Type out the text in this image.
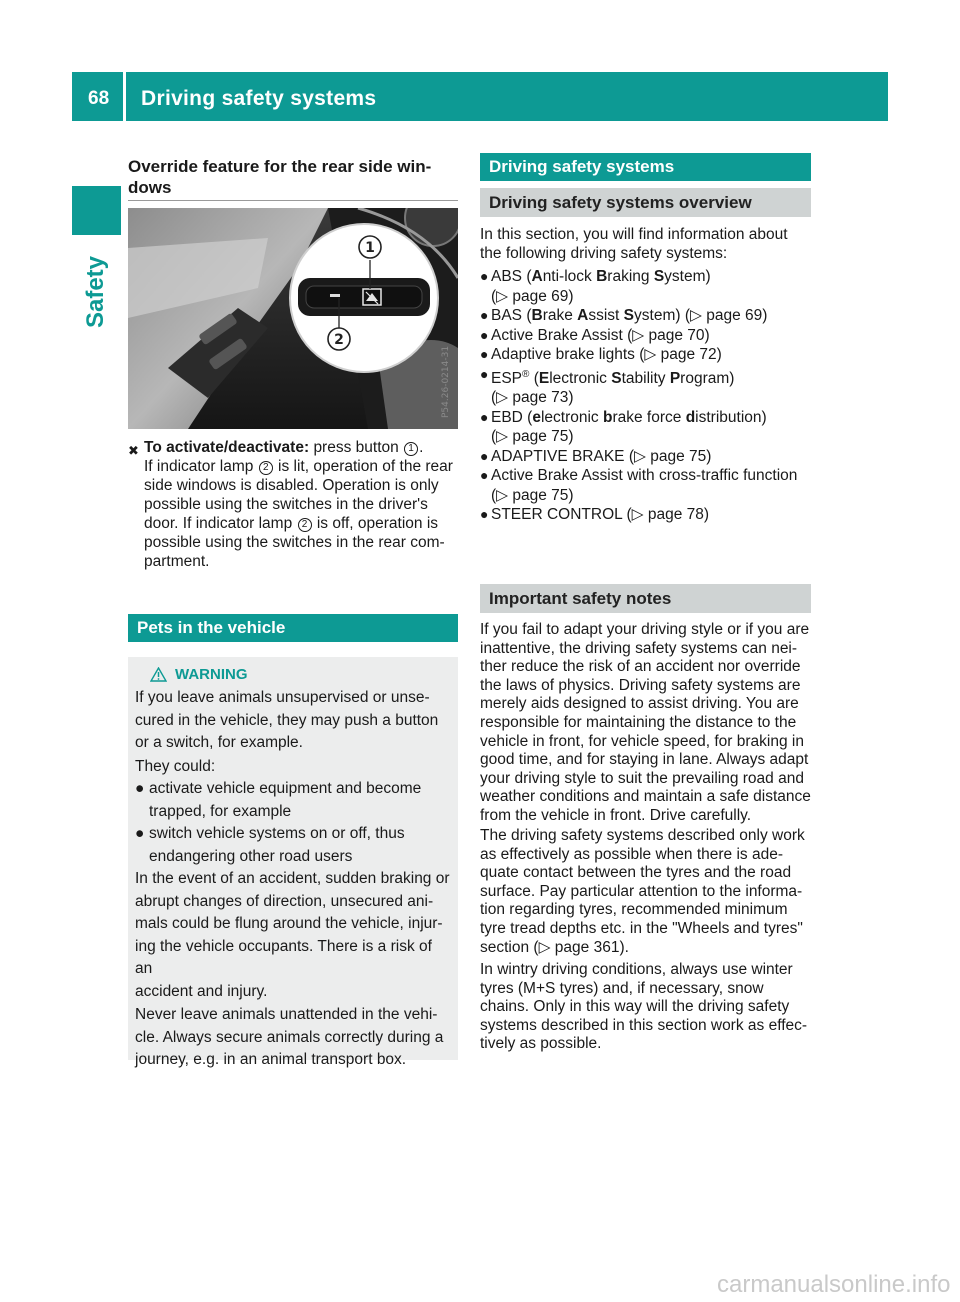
68 Driving safety systems
Safety
Override feature for the rear side win-
dows
1
2
P54.26-0214-31
✖ To activate/deactivate: press button 1 .
If indicator lamp 2 is lit, operation of the rear
side windows is disabled. Operation is only
possible using the switches in the driver's
door. If indicator lamp 2 is off, operation is
possible using the switches in the rear com-
partment.
Pets in the vehicle
WARNING
If you leave animals unsupervised or unse-
cured in the vehicle, they may push a button
or a switch, for example.
They could:
● activate vehicle equipment and become
trapped, for example
● switch vehicle systems on or off, thus
endangering other road users
In the event of an accident, sudden braking or
abrupt changes of direction, unsecured ani-
mals could be flung around the vehicle, injur-
ing the vehicle occupants. There is a risk of an
accident and injury.
Never leave animals unattended in the vehi-
cle. Always secure animals correctly during a
journey, e.g. in an animal transport box.
Driving safety systems
Driving safety systems overview
In this section, you will find information about
the following driving safety systems:
● ABS (Anti-lock Braking System)
(▷ page 69)
● BAS (Brake Assist System) (▷ page 69)
● Active Brake Assist (▷ page 70)
● Adaptive brake lights (▷ page 72)
● ESP® (Electronic Stability Program)
(▷ page 73)
● EBD (electronic brake force distribution)
(▷ page 75)
● ADAPTIVE BRAKE (▷ page 75)
● Active Brake Assist with cross-traffic function
(▷ page 75)
● STEER CONTROL (▷ page 78)
Important safety notes
If you fail to adapt your driving style or if you are
inattentive, the driving safety systems can nei-
ther reduce the risk of an accident nor override
the laws of physics. Driving safety systems are
merely aids designed to assist driving. You are
responsible for maintaining the distance to the
vehicle in front, for vehicle speed, for braking in
good time, and for staying in lane. Always adapt
your driving style to suit the prevailing road and
weather conditions and maintain a safe distance
from the vehicle in front. Drive carefully.
The driving safety systems described only work
as effectively as possible when there is ade-
quate contact between the tyres and the road
surface. Pay particular attention to the informa-
tion regarding tyres, recommended minimum
tyre tread depths etc. in the "Wheels and tyres"
section (▷ page 361).
In wintry driving conditions, always use winter
tyres (M+S tyres) and, if necessary, snow
chains. Only in this way will the driving safety
systems described in this section work as effec-
tively as possible.
carmanualsonline.info
